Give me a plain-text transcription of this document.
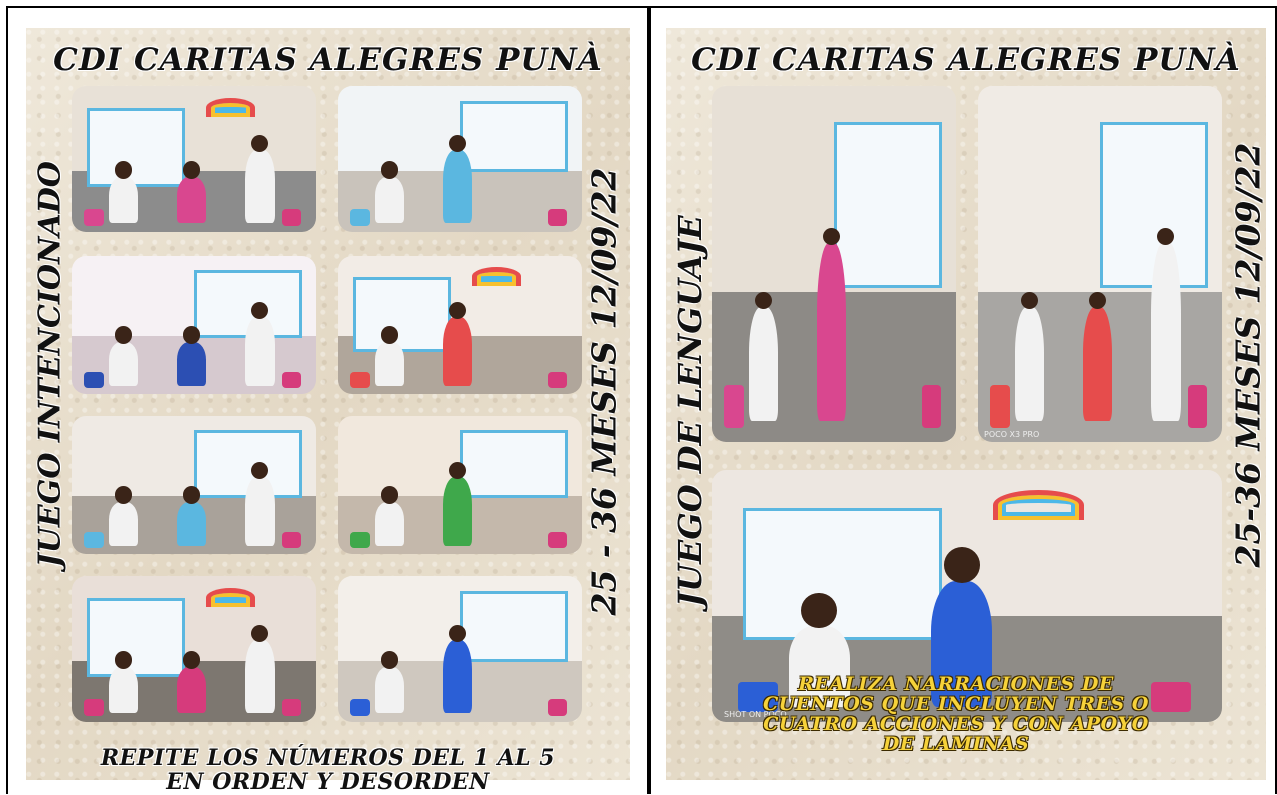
CDI CARITAS ALEGRES PUNÀ
JUEGO INTENCIONADO	25 - 36 MESES 12/09/22
REPITE LOS NÚMEROS DEL 1 AL 5
EN ORDEN Y DESORDEN
CDI CARITAS ALEGRES PUNÀ
JUEGO DE LENGUAJE	25-36 MESES 12/09/22
POCO X3 PRO
SHOT ON POCO
REALIZA NARRACIONES DE
CUENTOS QUE INCLUYEN TRES O
CUATRO ACCIONES Y CON APOYO
DE LAMINAS
